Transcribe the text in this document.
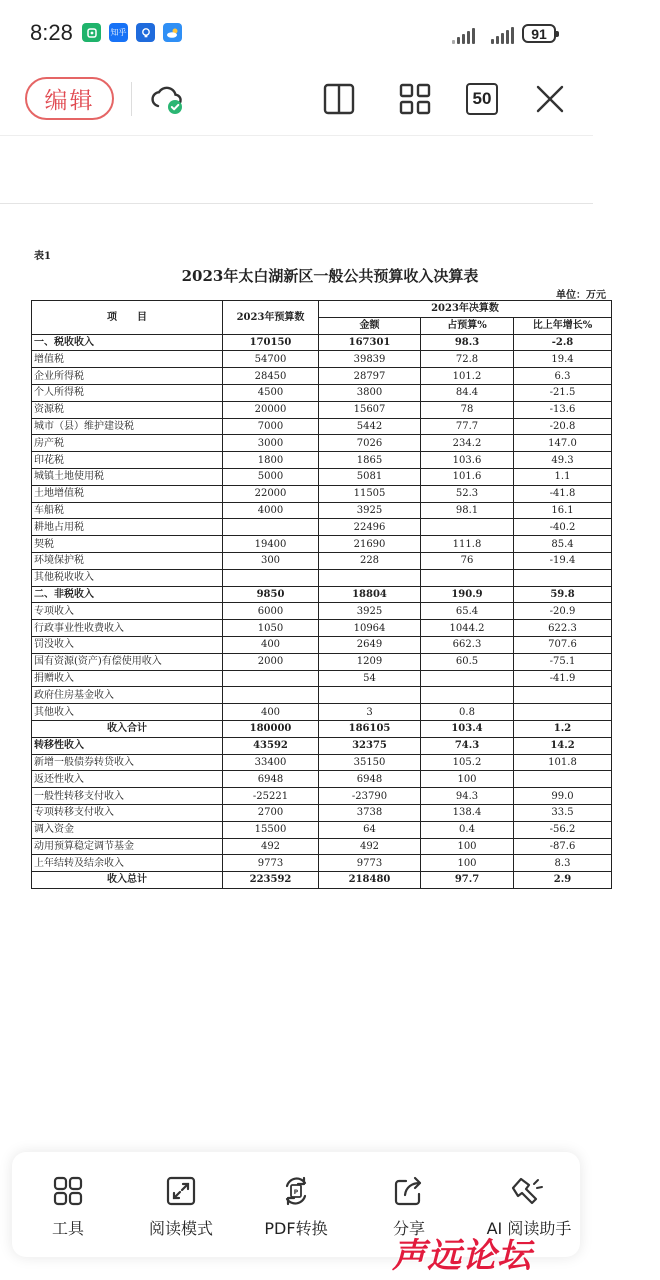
8:28	知乎	91
编辑	50
表1
2023年太白湖新区一般公共预算收入决算表
单位：万元
项　　目	2023年预算数	2023年决算数		
		金额	占预算%	比上年增长%
一、税收收入	170150	167301	98.3	-2.8
增值税	54700	39839	72.8	19.4
企业所得税	28450	28797	101.2	6.3
个人所得税	4500	3800	84.4	-21.5
资源税	20000	15607	78	-13.6
城市（县）维护建设税	7000	5442	77.7	-20.8
房产税	3000	7026	234.2	147.0
印花税	1800	1865	103.6	49.3
城镇土地使用税	5000	5081	101.6	1.1
土地增值税	22000	11505	52.3	-41.8
车船税	4000	3925	98.1	16.1
耕地占用税		22496		-40.2
契税	19400	21690	111.8	85.4
环境保护税	300	228	76	-19.4
其他税收收入				
二、非税收入	9850	18804	190.9	59.8
专项收入	6000	3925	65.4	-20.9
行政事业性收费收入	1050	10964	1044.2	622.3
罚没收入	400	2649	662.3	707.6
国有资源(资产)有偿使用收入	2000	1209	60.5	-75.1
捐赠收入		54		-41.9
政府住房基金收入				
其他收入	400	3	0.8	
收入合计	180000	186105	103.4	1.2
转移性收入	43592	32375	74.3	14.2
新增一般债券转贷收入	33400	35150	105.2	101.8
返还性收入	6948	6948	100	
一般性转移支付收入	-25221	-23790	94.3	99.0
专项转移支付收入	2700	3738	138.4	33.5
调入资金	15500	64	0.4	-56.2
动用预算稳定调节基金	492	492	100	-87.6
上年结转及结余收入	9773	9773	100	8.3
收入总计	223592	218480	97.7	2.9
工具	阅读模式
P
PDF转换	分享	AI 阅读助手
声远论坛
